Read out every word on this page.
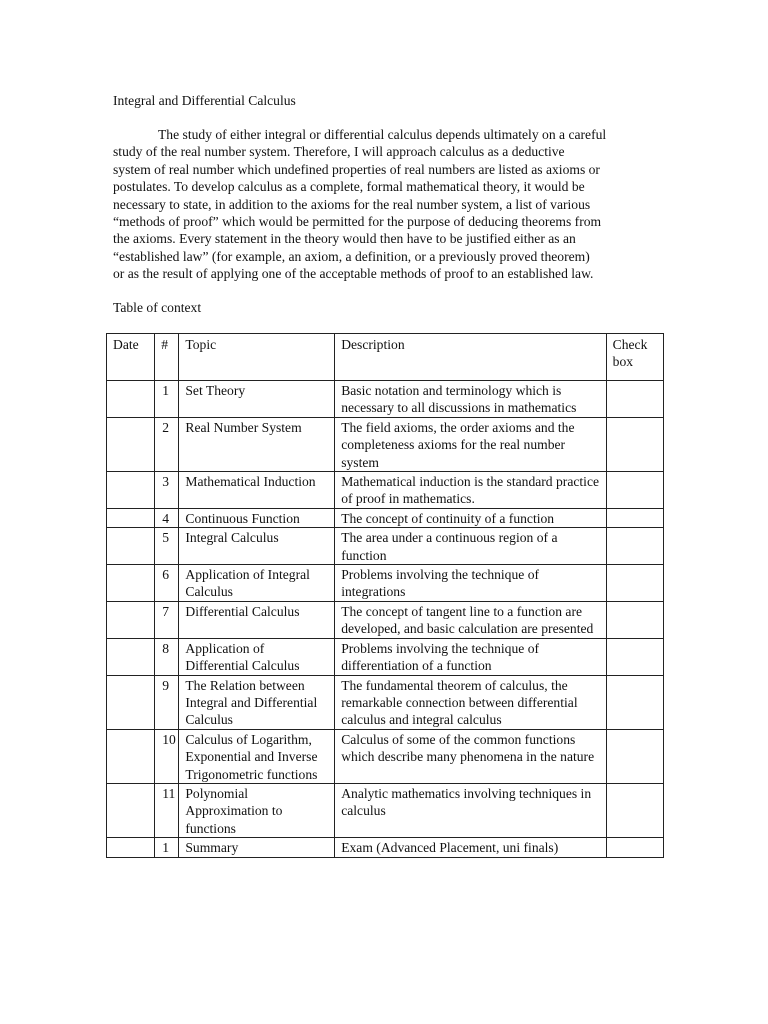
Integral and Differential Calculus

The study of either integral or differential calculus depends ultimately on a careful
study of the real number system. Therefore, I will approach calculus as a deductive
system of real number which undefined properties of real numbers are listed as axioms or
postulates. To develop calculus as a complete, formal mathematical theory, it would be
necessary to state, in addition to the axioms for the real number system, a list of various
“methods of proof” which would be permitted for the purpose of deducing theorems from
the axioms. Every statement in the theory would then have to be justified either as an
“established law” (for example, an axiom, a definition, or a previously proved theorem)
or as the result of applying one of the acceptable methods of proof to an established law.

Table of context
Date	#	Topic	Description	Check box
	1	Set Theory	Basic notation and terminology which is necessary to all discussions in mathematics	
	2	Real Number System	The field axioms, the order axioms and the completeness axioms for the real number system	
	3	Mathematical Induction	Mathematical induction is the standard practice of proof in mathematics.	
	4	Continuous Function	The concept of continuity of a function	
	5	Integral Calculus	The area under a continuous region of a function	
	6	Application of Integral Calculus	Problems involving the technique of integrations	
	7	Differential Calculus	The concept of tangent line to a function are developed, and basic calculation are presented	
	8	Application of Differential Calculus	Problems involving the technique of differentiation of a function	
	9	The Relation between Integral and Differential Calculus	The fundamental theorem of calculus, the remarkable connection between differential calculus and integral calculus	
	10	Calculus of Logarithm, Exponential and Inverse Trigonometric functions	Calculus of some of the common functions which describe many phenomena in the nature	
	11	Polynomial Approximation to functions	Analytic mathematics involving techniques in calculus	
	1	Summary	Exam (Advanced Placement, uni finals)	
